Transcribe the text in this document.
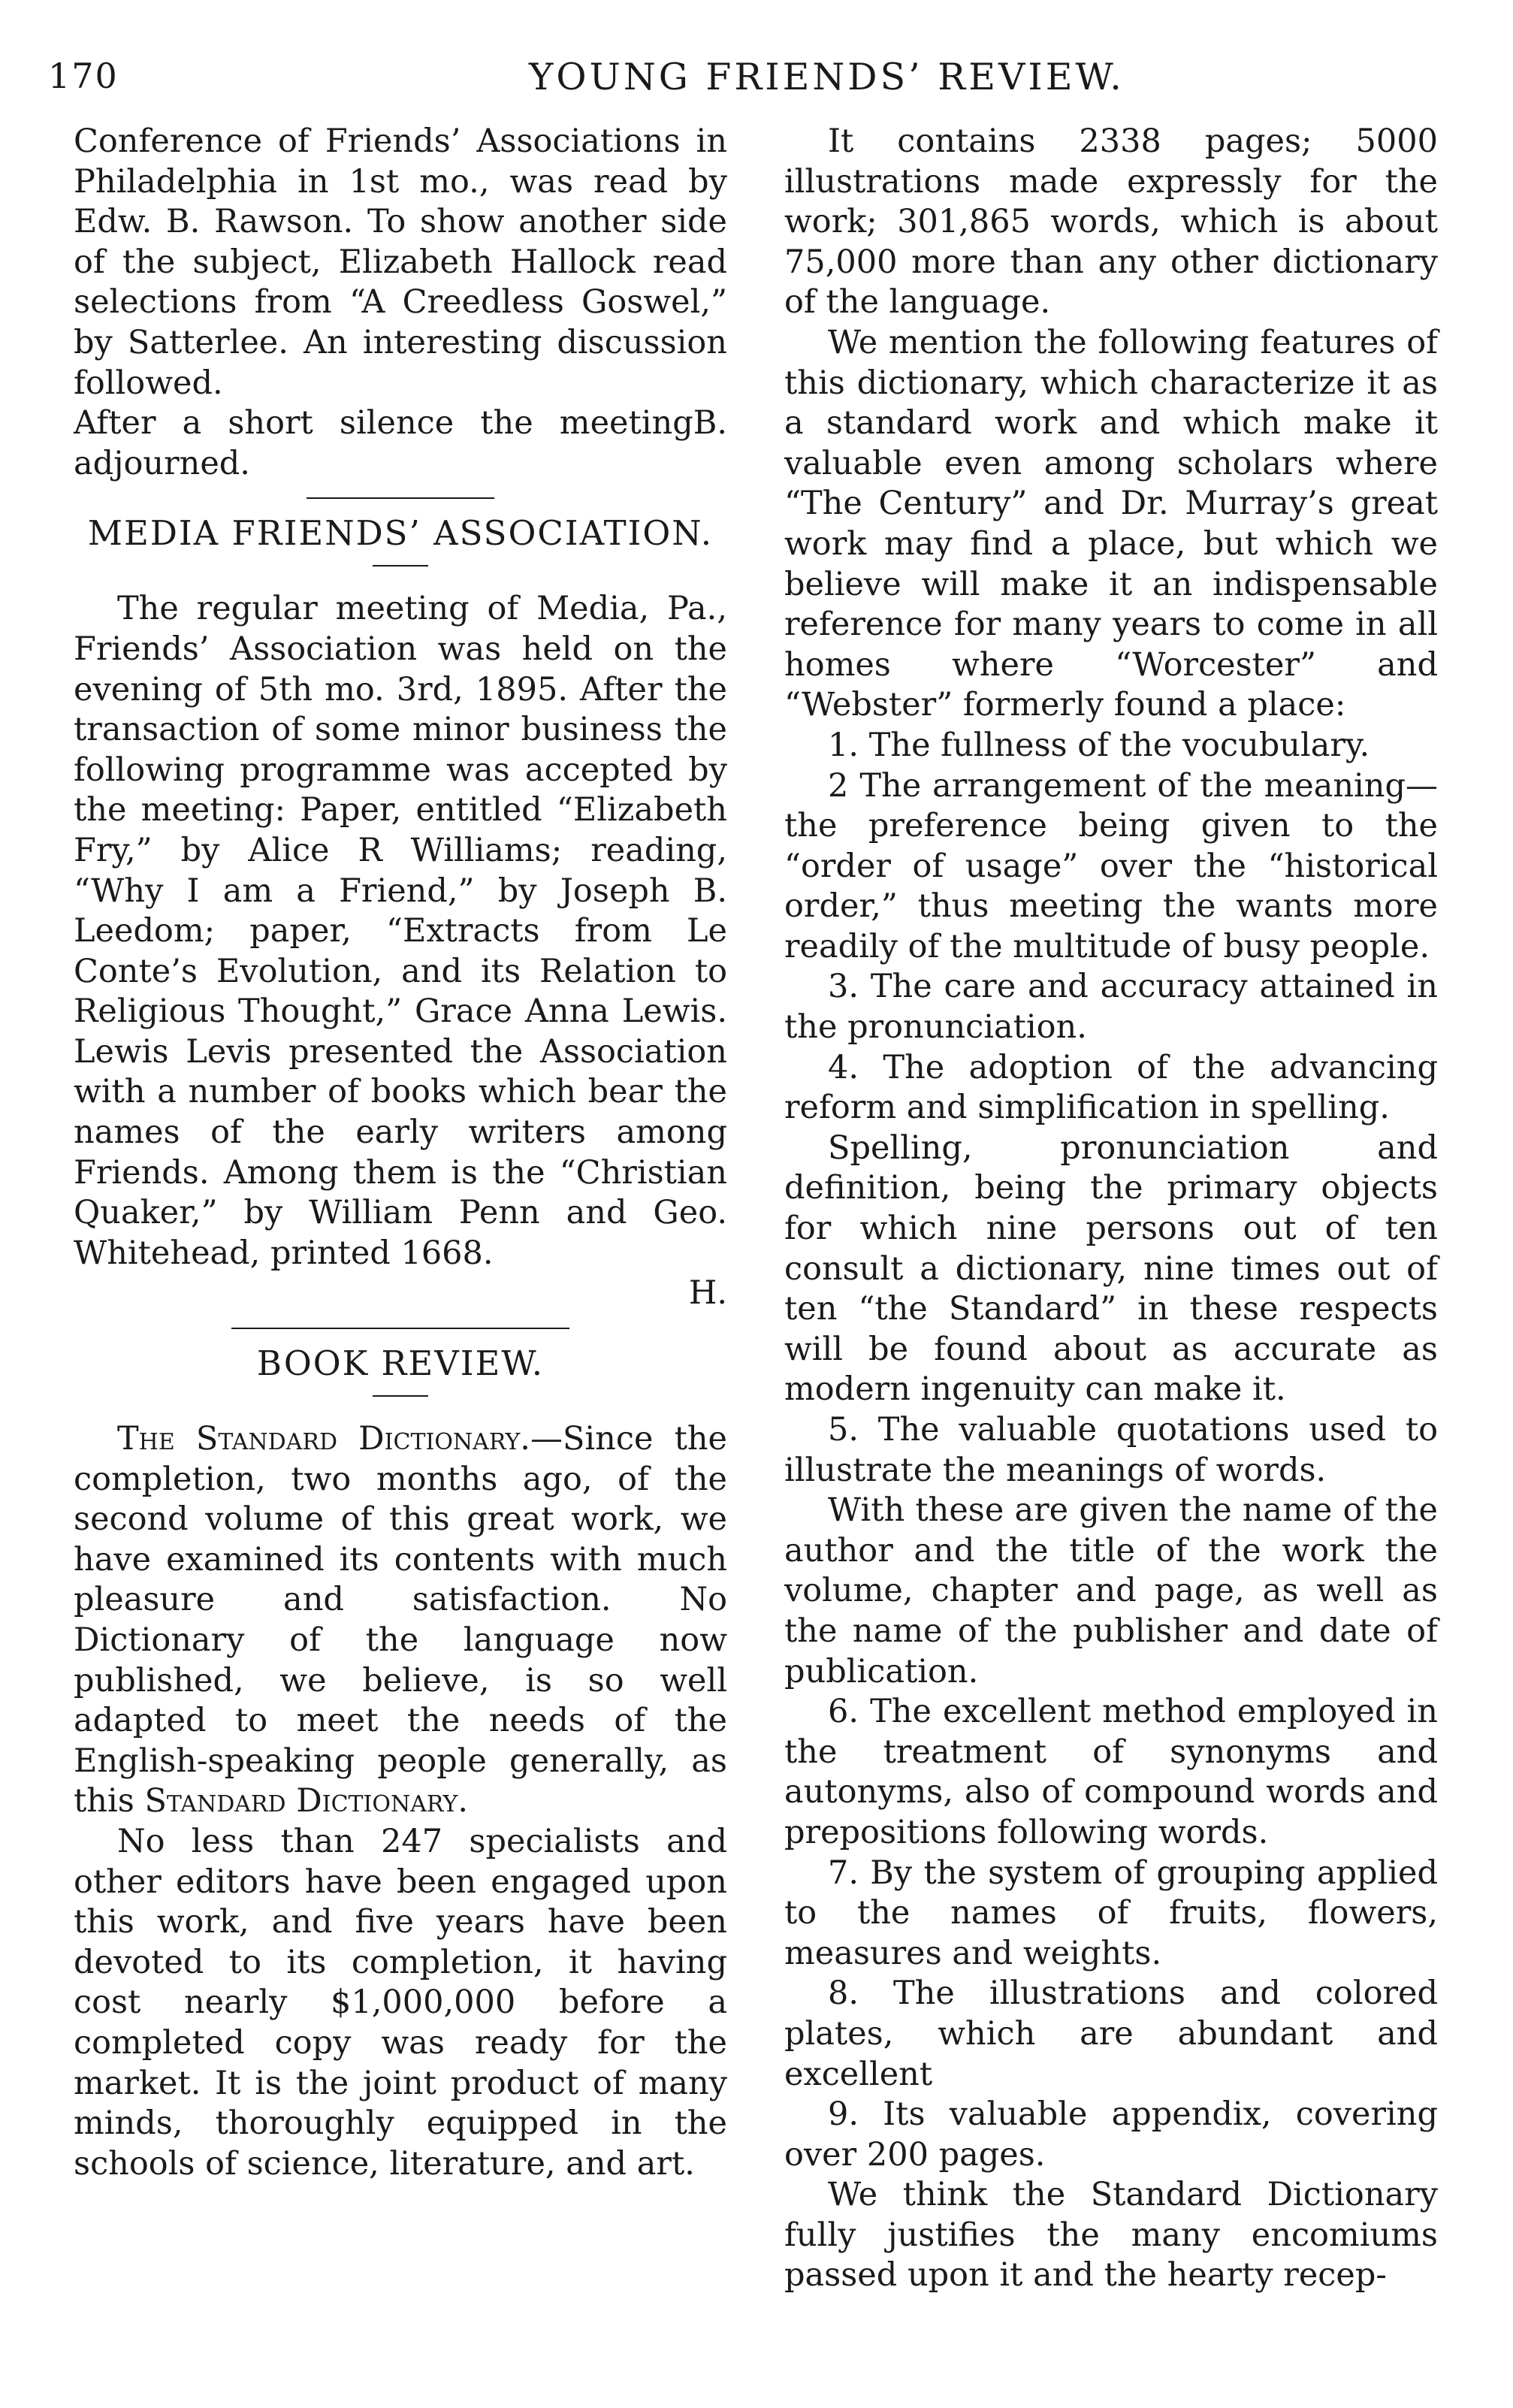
170	YOUNG FRIENDS’ REVIEW.

Conference of Friends’ Associations in Philadelphia in 1st mo., was read by Edw. B. Rawson. To show another side of the subject, Elizabeth Hallock read selections from “A Creedless Goswel,” by Satterlee. An interesting discussion followed.

After a short silence the meeting adjourned.
B.

MEDIA FRIENDS’ ASSOCIATION.

The regular meeting of Media, Pa., Friends’ Association was held on the evening of 5th mo. 3rd, 1895. After the transaction of some minor business the following programme was accepted by the meeting: Paper, entitled “Elizabeth Fry,” by Alice R Williams; reading, “Why I am a Friend,” by Joseph B. Leedom; paper, “Extracts from Le Conte’s Evolution, and its Relation to Religious Thought,” Grace Anna Lewis. Lewis Levis presented the Association with a number of books which bear the names of the early writers among Friends. Among them is the “Christian Quaker,” by William Penn and Geo. Whitehead, printed 1668.

H.

BOOK REVIEW.

The Standard Dictionary.—Since the completion, two months ago, of the second volume of this great work, we have examined its contents with much pleasure and satisfaction. No Dictionary of the language now published, we believe, is so well adapted to meet the needs of the English-speaking people generally, as this Standard Dictionary.

No less than 247 specialists and other editors have been engaged upon this work, and five years have been devoted to its completion, it having cost nearly $1,000,000 before a completed copy was ready for the market. It is the joint product of many minds, thoroughly equipped in the schools of science, literature, and art.

It contains 2338 pages; 5000 illustrations made expressly for the work; 301,865 words, which is about 75,000 more than any other dictionary of the language.

We mention the following features of this dictionary, which characterize it as a standard work and which make it valuable even among scholars where “The Century” and Dr. Murray’s great work may find a place, but which we believe will make it an indispensable reference for many years to come in all homes where “Worcester” and “Webster” formerly found a place:

1. The fullness of the vocubulary.

2 The arrangement of the meaning—the preference being given to the “order of usage” over the “historical order,” thus meeting the wants more readily of the multitude of busy people.

3. The care and accuracy attained in the pronunciation.

4. The adoption of the advancing reform and simplification in spelling.

Spelling, pronunciation and definition, being the primary objects for which nine persons out of ten consult a dictionary, nine times out of ten “the Standard” in these respects will be found about as accurate as modern ingenuity can make it.

5. The valuable quotations used to illustrate the meanings of words.

With these are given the name of the author and the title of the work the volume, chapter and page, as well as the name of the publisher and date of publication.

6. The excellent method employed in the treatment of synonyms and autonyms, also of compound words and prepositions following words.

7. By the system of grouping applied to the names of fruits, flowers, measures and weights.

8. The illustrations and colored plates, which are abundant and excellent

9. Its valuable appendix, covering over 200 pages.

We think the Standard Dictionary fully justifies the many encomiums passed upon it and the hearty recep-
